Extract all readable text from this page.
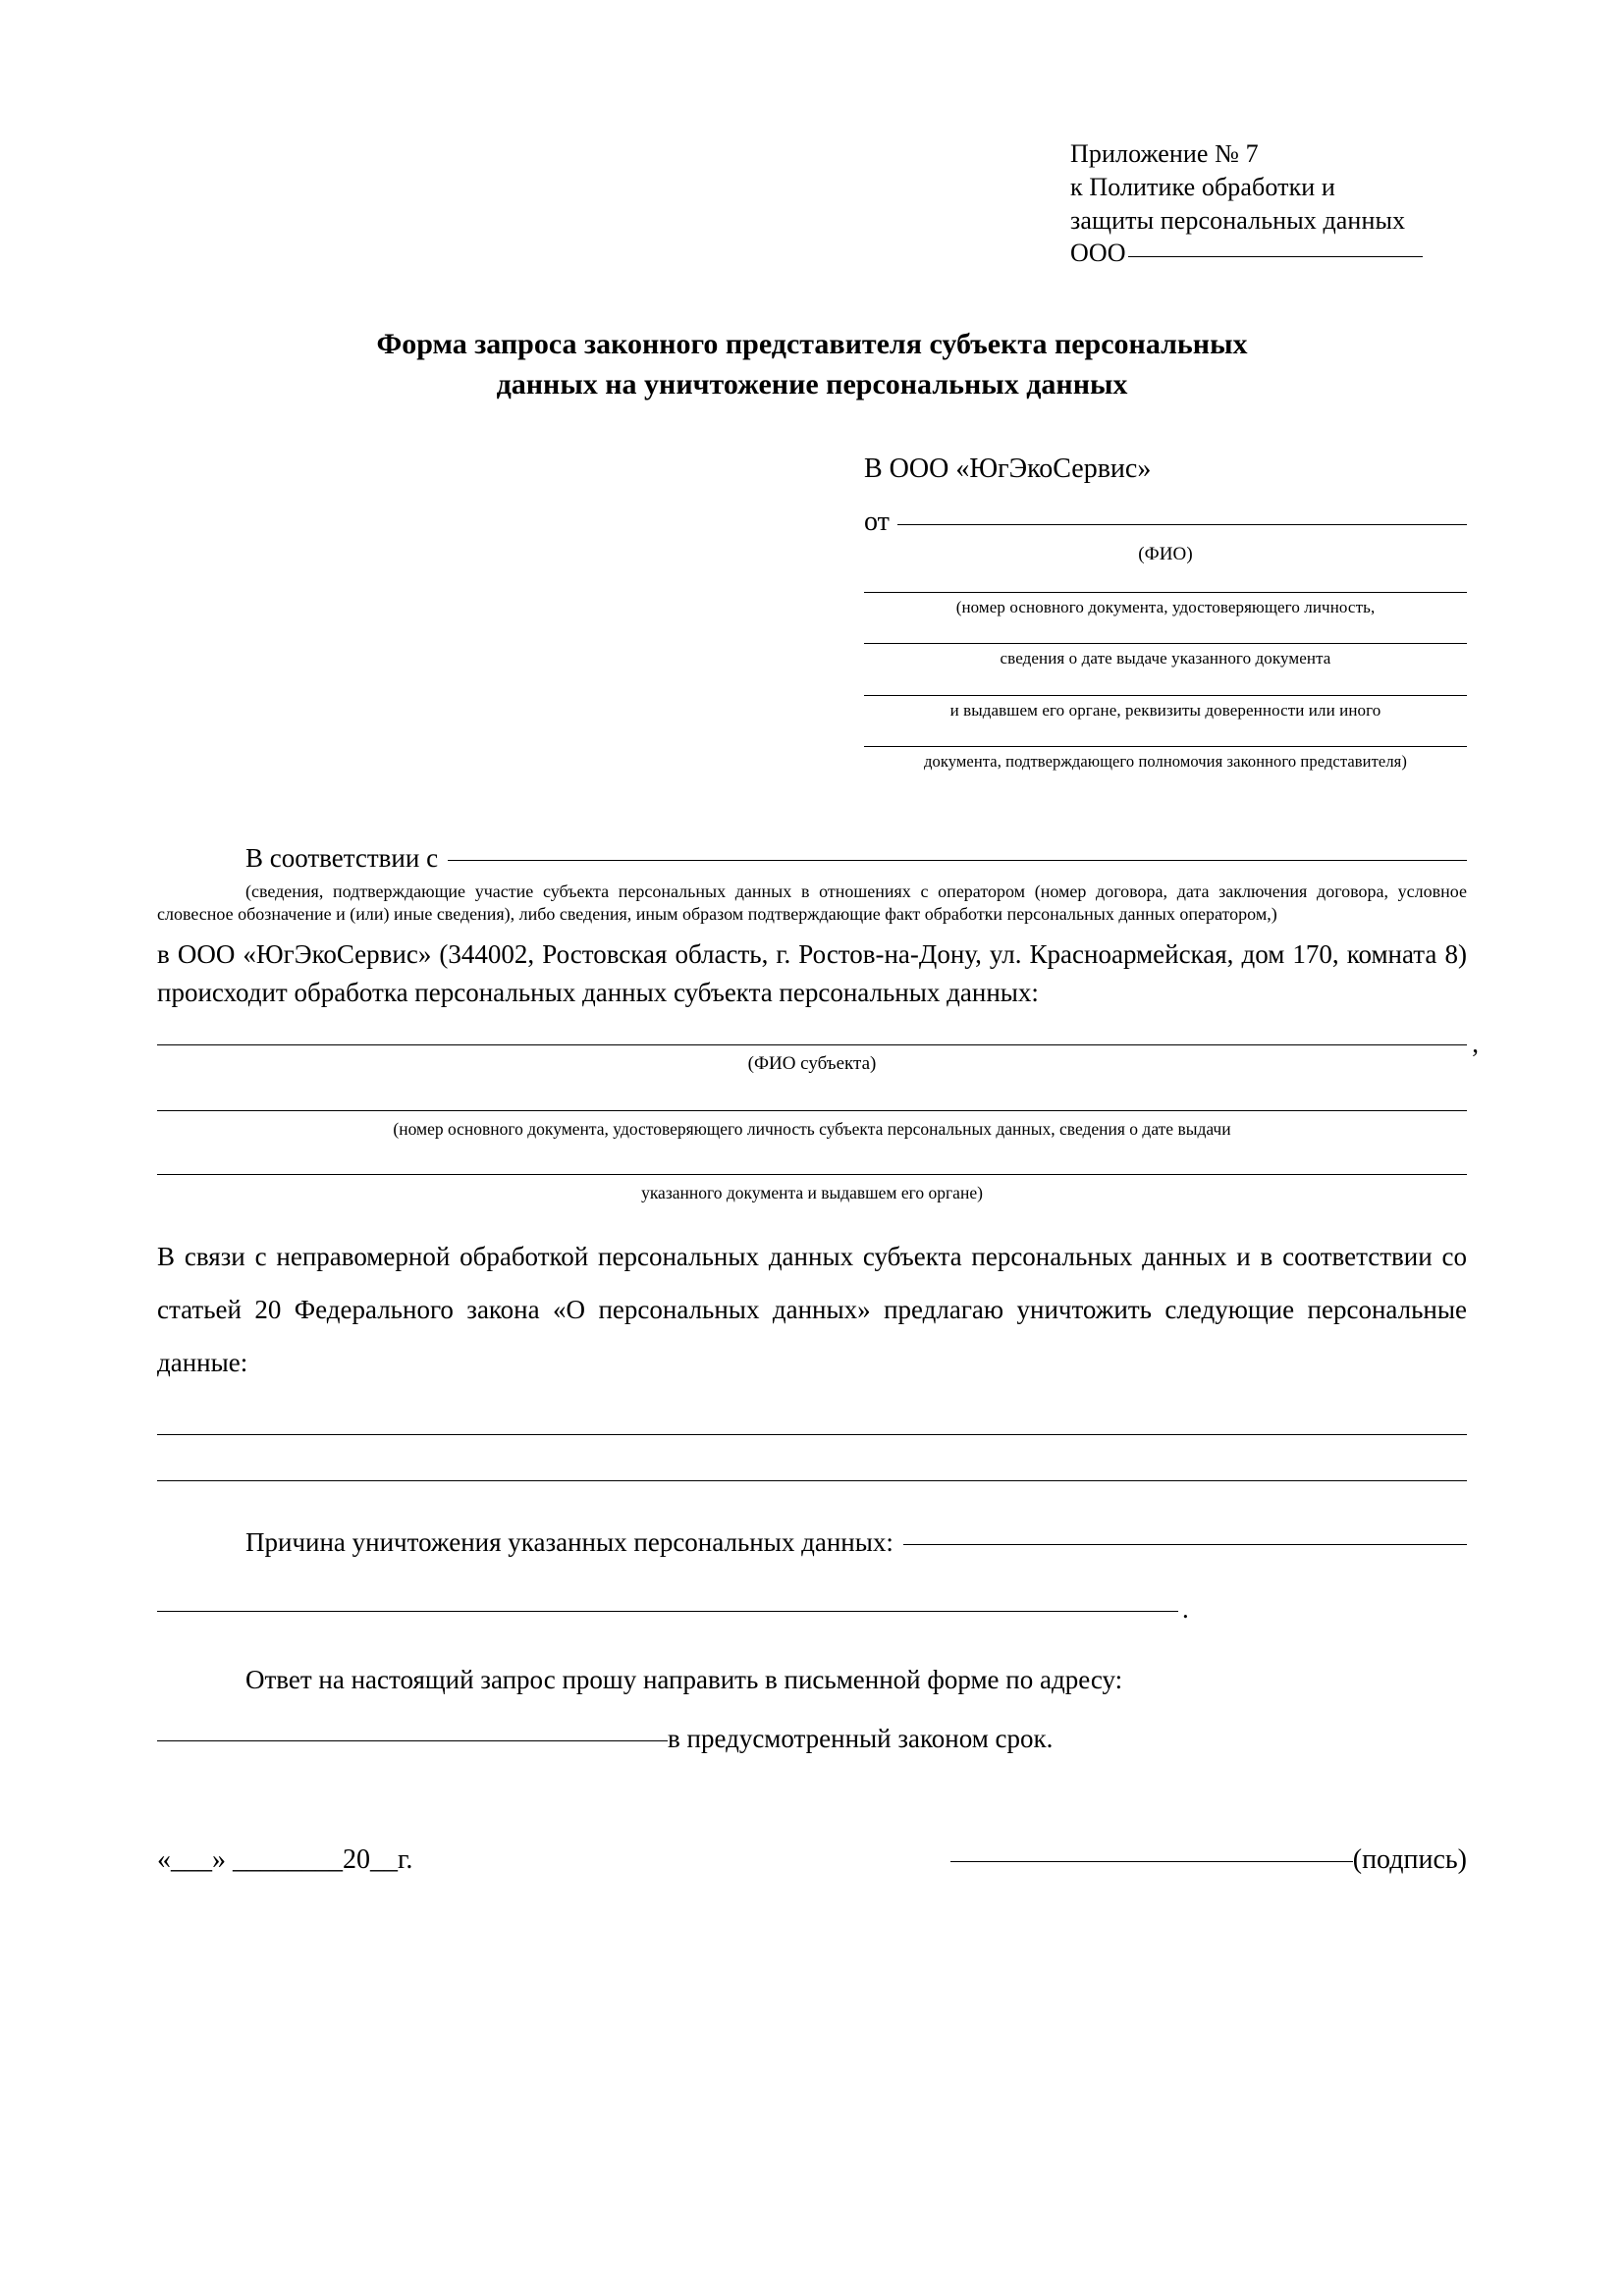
Приложение № 7
к Политике обработки и
защиты персональных данных
ООО
Форма запроса законного представителя субъекта персональных
данных на уничтожение персональных данных
В ООО «ЮгЭкоСервис»
от
(ФИО)
(номер основного документа, удостоверяющего личность,
сведения о дате выдаче указанного документа
и выдавшем его органе, реквизиты доверенности или иного
документа, подтверждающего полномочия законного представителя)
В соответствии с
(сведения, подтверждающие участие субъекта персональных данных в отношениях с оператором (номер договора, дата заключения договора, условное словесное обозначение и (или) иные сведения), либо сведения, иным образом подтверждающие факт обработки персональных данных оператором,)
в ООО «ЮгЭкоСервис» (344002, Ростовская область, г. Ростов-на-Дону, ул. Красноармейская, дом 170, комната 8) происходит обработка персональных данных субъекта персональных данных:
,
(ФИО субъекта)
(номер основного документа, удостоверяющего личность субъекта персональных данных, сведения о дате выдачи
указанного документа и выдавшем его органе)
В связи с неправомерной обработкой персональных данных субъекта персональных данных и в соответствии со статьей 20 Федерального закона «О персональных данных» предлагаю уничтожить следующие персональные данные:
Причина уничтожения указанных персональных данных:
.
Ответ на настоящий запрос прошу направить в письменной форме по адресу:
в предусмотренный законом срок.
«___» ________20__г.	(подпись)
